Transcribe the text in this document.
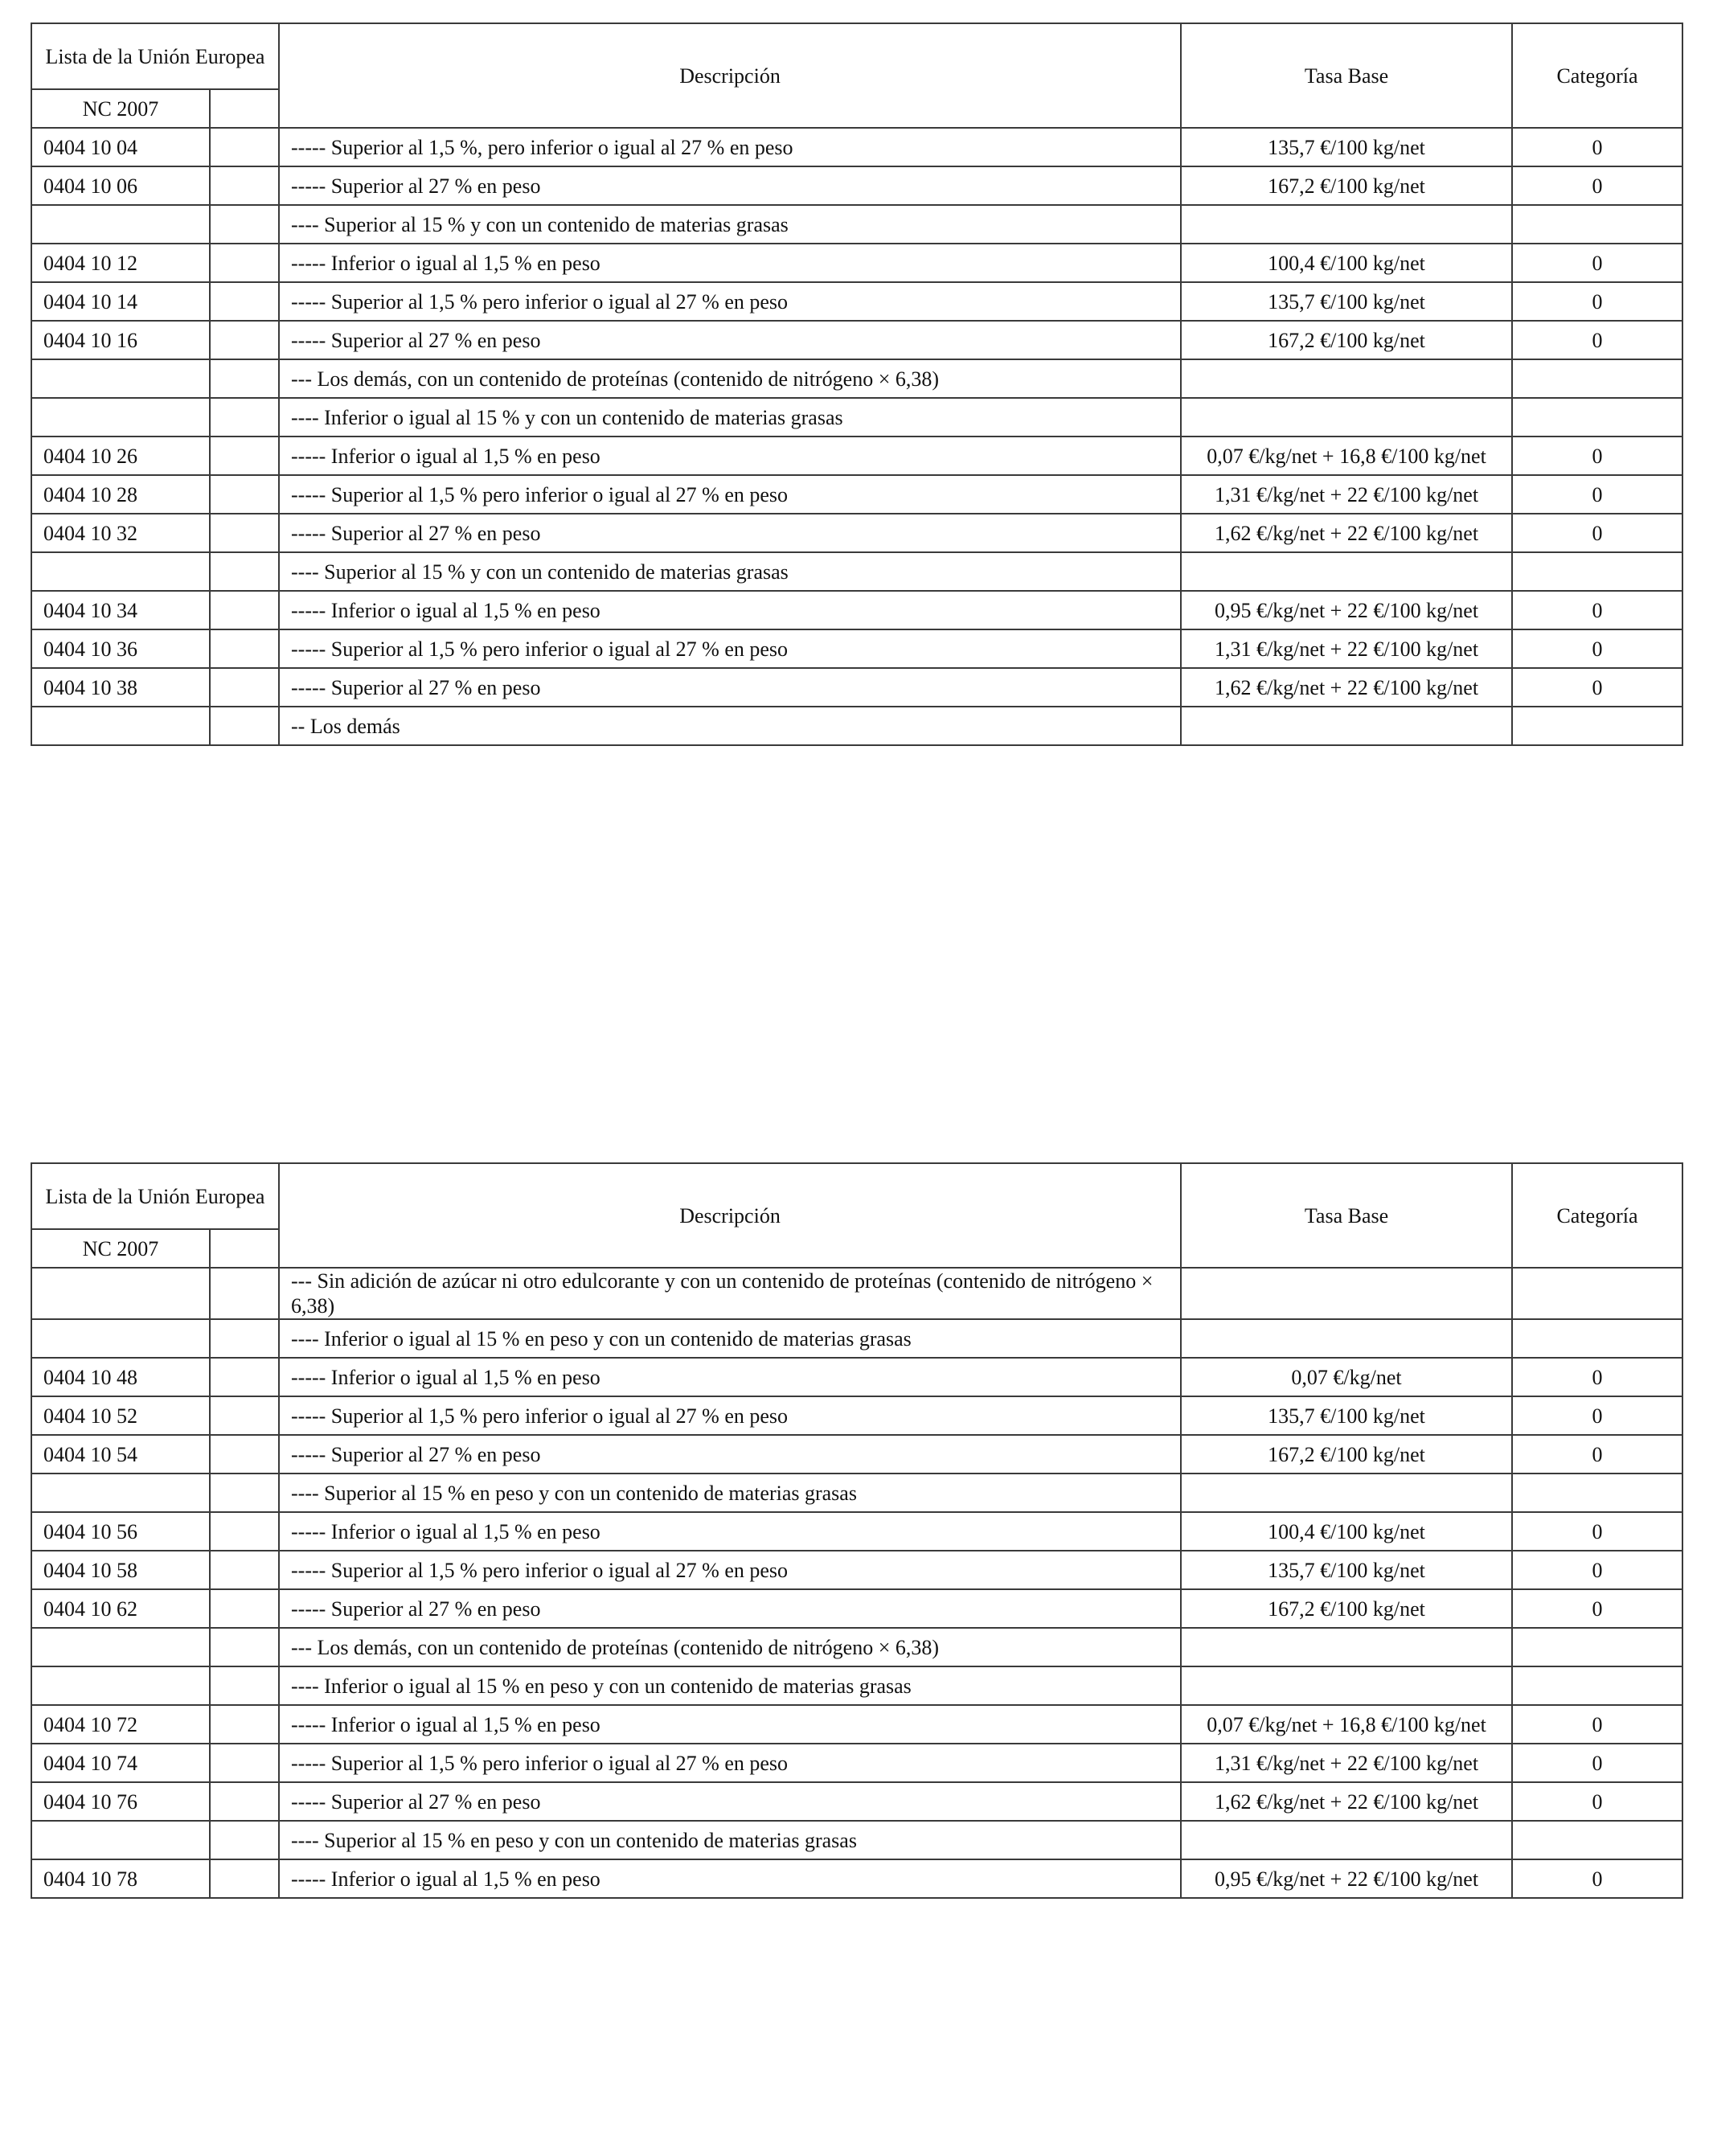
Lista de la Unión Europea		Descripción	Tasa Base	Categoría
NC 2007				
0404 10 04		----- Superior al 1,5 %, pero inferior o igual al 27 % en peso	135,7 €/100 kg/net	0
0404 10 06		----- Superior al 27 % en peso	167,2 €/100 kg/net	0
		---- Superior al 15 % y con un contenido de materias grasas		
0404 10 12		----- Inferior o igual al 1,5 % en peso	100,4 €/100 kg/net	0
0404 10 14		----- Superior al 1,5 % pero inferior o igual al 27 % en peso	135,7 €/100 kg/net	0
0404 10 16		----- Superior al 27 % en peso	167,2 €/100 kg/net	0
		--- Los demás, con un contenido de proteínas (contenido de nitrógeno × 6,38)		
		---- Inferior o igual al 15 % y con un contenido de materias grasas		
0404 10 26		----- Inferior o igual al 1,5 % en peso	0,07 €/kg/net + 16,8 €/100 kg/net	0
0404 10 28		----- Superior al 1,5 % pero inferior o igual al 27 % en peso	1,31 €/kg/net + 22 €/100 kg/net	0
0404 10 32		----- Superior al 27 % en peso	1,62 €/kg/net + 22 €/100 kg/net	0
		---- Superior al 15 % y con un contenido de materias grasas		
0404 10 34		----- Inferior o igual al 1,5 % en peso	0,95 €/kg/net + 22 €/100 kg/net	0
0404 10 36		----- Superior al 1,5 % pero inferior o igual al 27 % en peso	1,31 €/kg/net + 22 €/100 kg/net	0
0404 10 38		----- Superior al 27 % en peso	1,62 €/kg/net + 22 €/100 kg/net	0
		-- Los demás		
Lista de la Unión Europea		Descripción	Tasa Base	Categoría
NC 2007				
		--- Sin adición de azúcar ni otro edulcorante y con un contenido de proteínas (contenido de nitrógeno × 6,38)		
		---- Inferior o igual al 15 % en peso y con un contenido de materias grasas		
0404 10 48		----- Inferior o igual al 1,5 % en peso	0,07 €/kg/net	0
0404 10 52		----- Superior al 1,5 % pero inferior o igual al 27 % en peso	135,7 €/100 kg/net	0
0404 10 54		----- Superior al 27 % en peso	167,2 €/100 kg/net	0
		---- Superior al 15 % en peso y con un contenido de materias grasas		
0404 10 56		----- Inferior o igual al 1,5 % en peso	100,4 €/100 kg/net	0
0404 10 58		----- Superior al 1,5 % pero inferior o igual al 27 % en peso	135,7 €/100 kg/net	0
0404 10 62		----- Superior al 27 % en peso	167,2 €/100 kg/net	0
		--- Los demás, con un contenido de proteínas (contenido de nitrógeno × 6,38)		
		---- Inferior o igual al 15 % en peso y con un contenido de materias grasas		
0404 10 72		----- Inferior o igual al 1,5 % en peso	0,07 €/kg/net + 16,8 €/100 kg/net	0
0404 10 74		----- Superior al 1,5 % pero inferior o igual al 27 % en peso	1,31 €/kg/net + 22 €/100 kg/net	0
0404 10 76		----- Superior al 27 % en peso	1,62 €/kg/net + 22 €/100 kg/net	0
		---- Superior al 15 % en peso y con un contenido de materias grasas		
0404 10 78		----- Inferior o igual al 1,5 % en peso	0,95 €/kg/net + 22 €/100 kg/net	0
